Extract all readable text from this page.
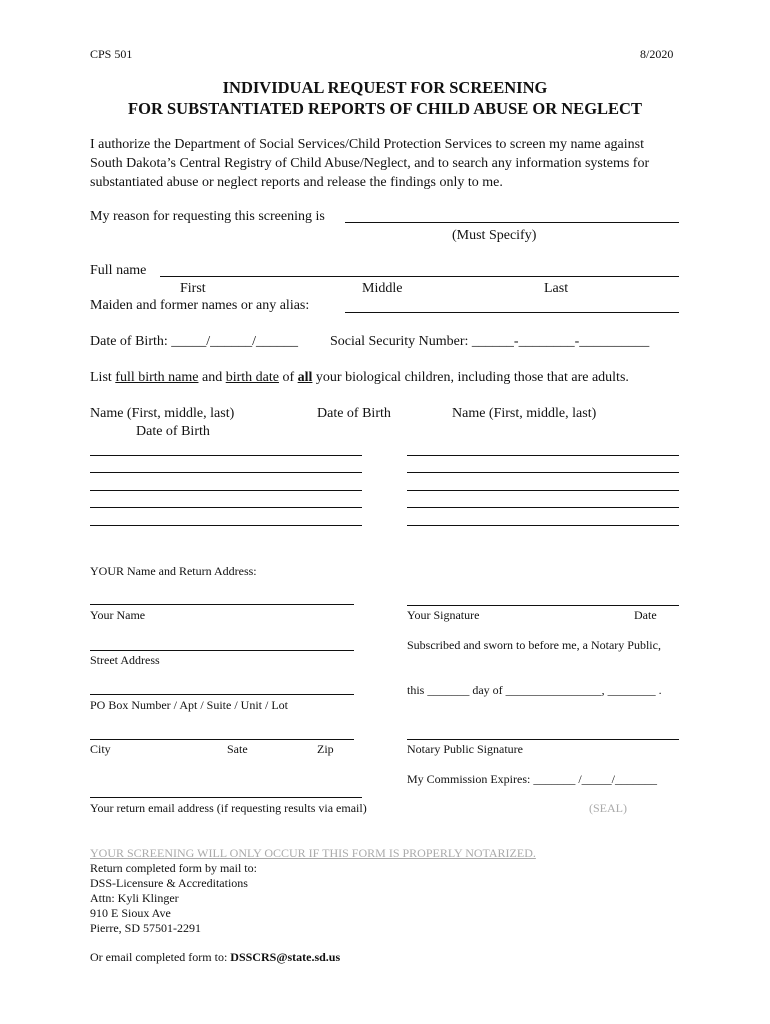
CPS 501	8/2020
INDIVIDUAL REQUEST FOR SCREENING
FOR SUBSTANTIATED REPORTS OF CHILD ABUSE OR NEGLECT
I authorize the Department of Social Services/Child Protection Services to screen my name against
South Dakota’s Central Registry of Child Abuse/Neglect, and to search any information systems for
substantiated abuse or neglect reports and release the findings only to me.
My reason for requesting this screening is
(Must Specify)
Full name
First	Middle	Last
Maiden and former names or any alias:
Date of Birth: _____/______/______ Social Security Number: ______-________-__________
List full birth name and birth date of all your biological children, including those that are adults.
Name (First, middle, last)	Date of Birth	Name (First, middle, last)
Date of Birth
YOUR Name and Return Address:
Your Name
Street Address
PO Box Number / Apt / Suite / Unit / Lot
City	Sate	Zip
Your return email address (if requesting results via email)
Your Signature	Date
Subscribed and sworn to before me, a Notary Public,
this _______ day of ________________, ________ .
Notary Public Signature
My Commission Expires: _______ /_____/_______
(SEAL)
YOUR SCREENING WILL ONLY OCCUR IF THIS FORM IS PROPERLY NOTARIZED.
Return completed form by mail to:
DSS-Licensure & Accreditations
Attn: Kyli Klinger
910 E Sioux Ave
Pierre, SD 57501-2291
Or email completed form to: DSSCRS@state.sd.us
